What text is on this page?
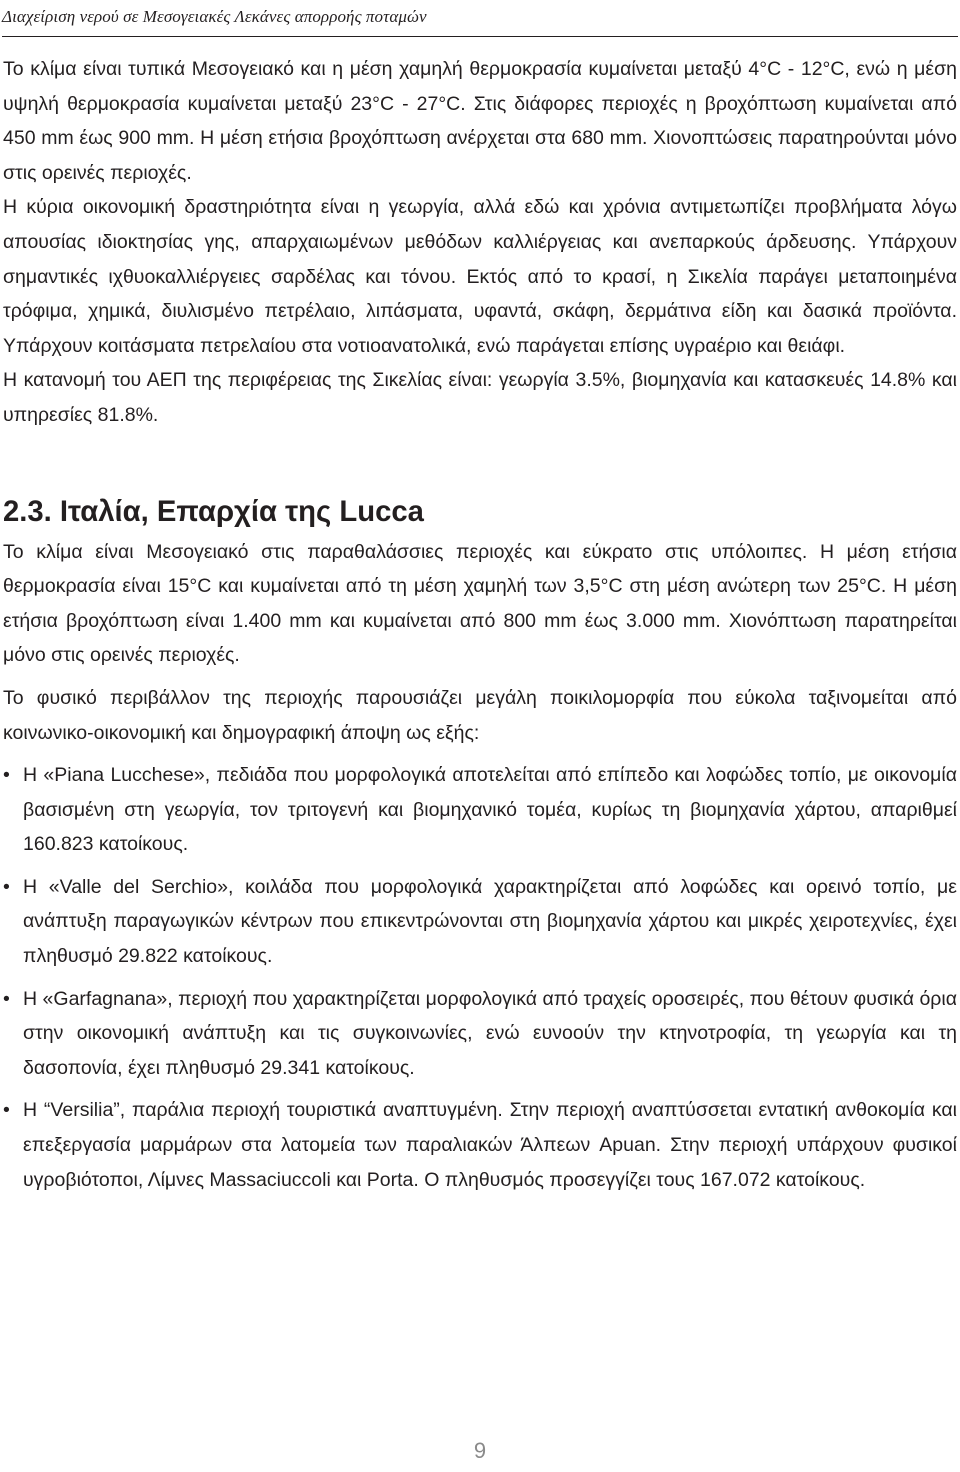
Διαχείριση νερού σε Μεσογειακές Λεκάνες απορροής ποταμών

Το κλίμα είναι τυπικά Μεσογειακό και η μέση χαμηλή θερμοκρασία κυμαίνεται μεταξύ 4°C - 12°C, ενώ η μέση υψηλή θερμοκρασία κυμαίνεται μεταξύ 23°C - 27°C. Στις διάφορες περιοχές η βροχόπτωση κυμαίνεται από 450 mm έως 900 mm. Η μέση ετήσια βροχόπτωση ανέρχεται στα 680 mm. Χιονοπτώσεις παρατηρούνται μόνο στις ορεινές περιοχές.

Η κύρια οικονομική δραστηριότητα είναι η γεωργία, αλλά εδώ και χρόνια αντιμετωπίζει προβλήματα λόγω απουσίας ιδιοκτησίας γης, απαρχαιωμένων μεθόδων καλλιέργειας και ανεπαρκούς άρδευσης. Υπάρχουν σημαντικές ιχθυοκαλλιέργειες σαρδέλας και τόνου. Εκτός από το κρασί, η Σικελία παράγει μεταποιημένα τρόφιμα, χημικά, διυλισμένο πετρέλαιο, λιπάσματα, υφαντά, σκάφη, δερμάτινα είδη και δασικά προϊόντα. Υπάρχουν κοιτάσματα πετρελαίου στα νοτιοανατολικά, ενώ παράγεται επίσης υγραέριο και θειάφι.

Η κατανομή του ΑΕΠ της περιφέρειας της Σικελίας είναι: γεωργία 3.5%, βιομηχανία και κατασκευές 14.8% και υπηρεσίες 81.8%.

2.3. Ιταλία, Επαρχία της Lucca

Το κλίμα είναι Μεσογειακό στις παραθαλάσσιες περιοχές και εύκρατο στις υπόλοιπες. Η μέση ετήσια θερμοκρασία είναι 15°C και κυμαίνεται από τη μέση χαμηλή των 3,5°C στη μέση ανώτερη των 25°C. Η μέση ετήσια βροχόπτωση είναι 1.400 mm και κυμαίνεται από 800 mm έως 3.000 mm. Χιονόπτωση παρατηρείται μόνο στις ορεινές περιοχές.

Το φυσικό περιβάλλον της περιοχής παρουσιάζει μεγάλη ποικιλομορφία που εύκολα ταξινομείται από κοινωνικο-οικονομική και δημογραφική άποψη ως εξής:

• Η «Piana Lucchese», πεδιάδα που μορφολογικά αποτελείται από επίπεδο και λοφώδες τοπίο, με οικονομία βασισμένη στη γεωργία, τον τριτογενή και βιομηχανικό τομέα, κυρίως τη βιομηχανία χάρτου, απαριθμεί 160.823 κατοίκους.
• Η «Valle del Serchio», κοιλάδα που μορφολογικά χαρακτηρίζεται από λοφώδες και ορεινό τοπίο, με ανάπτυξη παραγωγικών κέντρων που επικεντρώνονται στη βιομηχανία χάρτου και μικρές χειροτεχνίες, έχει πληθυσμό 29.822 κατοίκους.
• Η «Garfagnana», περιοχή που χαρακτηρίζεται μορφολογικά από τραχείς οροσειρές, που θέτουν φυσικά όρια στην οικονομική ανάπτυξη και τις συγκοινωνίες, ενώ ευνοούν την κτηνοτροφία, τη γεωργία και τη δασοπονία, έχει πληθυσμό 29.341 κατοίκους.
• Η “Versilia”, παράλια περιοχή τουριστικά αναπτυγμένη. Στην περιοχή αναπτύσσεται εντατική ανθοκομία και επεξεργασία μαρμάρων στα λατομεία των παραλιακών Άλπεων Apuan. Στην περιοχή υπάρχουν φυσικοί υγροβιότοποι, Λίμνες Massaciuccoli και Porta. Ο πληθυσμός προσεγγίζει τους 167.072 κατοίκους.
9
